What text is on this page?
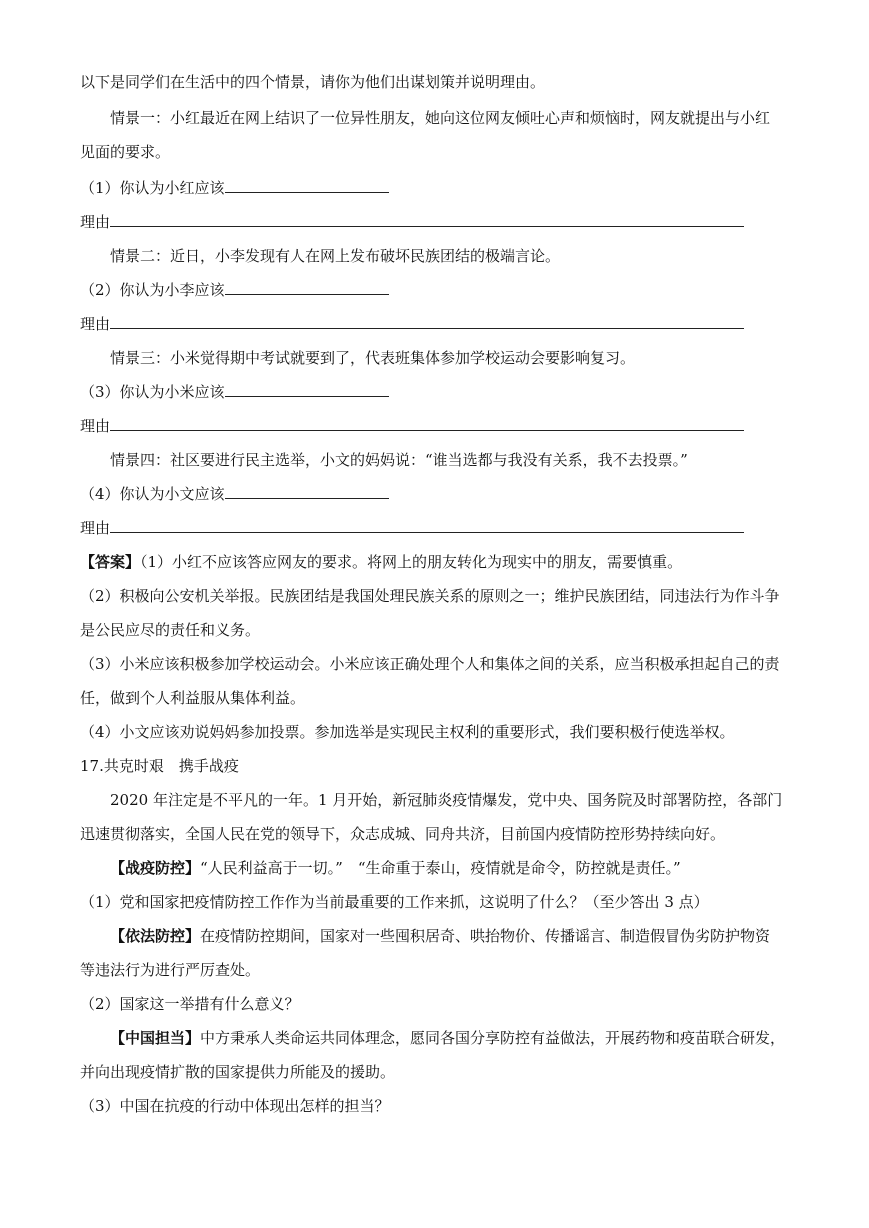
以下是同学们在生活中的四个情景，请你为他们出谋划策并说明理由。
情景一：小红最近在网上结识了一位异性朋友，她向这位网友倾吐心声和烦恼时，网友就提出与小红
见面的要求。
（1）你认为小红应该
理由
情景二：近日，小李发现有人在网上发布破坏民族团结的极端言论。
（2）你认为小李应该
理由
情景三：小米觉得期中考试就要到了，代表班集体参加学校运动会要影响复习。
（3）你认为小米应该
理由
情景四：社区要进行民主选举，小文的妈妈说：“谁当选都与我没有关系，我不去投票。”
（4）你认为小文应该
理由
【答案】（1）小红不应该答应网友的要求。将网上的朋友转化为现实中的朋友，需要慎重。
（2）积极向公安机关举报。民族团结是我国处理民族关系的原则之一；维护民族团结，同违法行为作斗争
是公民应尽的责任和义务。
（3）小米应该积极参加学校运动会。小米应该正确处理个人和集体之间的关系，应当积极承担起自己的责
任，做到个人利益服从集体利益。
（4）小文应该劝说妈妈参加投票。参加选举是实现民主权利的重要形式，我们要积极行使选举权。
17.共克时艰　携手战疫
2020 年注定是不平凡的一年。1 月开始，新冠肺炎疫情爆发，党中央、国务院及时部署防控，各部门
迅速贯彻落实，全国人民在党的领导下，众志成城、同舟共济，目前国内疫情防控形势持续向好。
【战疫防控】“人民利益高于一切。”　“生命重于泰山，疫情就是命令，防控就是责任。”
（1）党和国家把疫情防控工作作为当前最重要的工作来抓，这说明了什么？（至少答出 3 点）
【依法防控】在疫情防控期间，国家对一些囤积居奇、哄抬物价、传播谣言、制造假冒伪劣防护物资
等违法行为进行严厉查处。
（2）国家这一举措有什么意义？
【中国担当】中方秉承人类命运共同体理念，愿同各国分享防控有益做法，开展药物和疫苗联合研发，
并向出现疫情扩散的国家提供力所能及的援助。
（3）中国在抗疫的行动中体现出怎样的担当？
